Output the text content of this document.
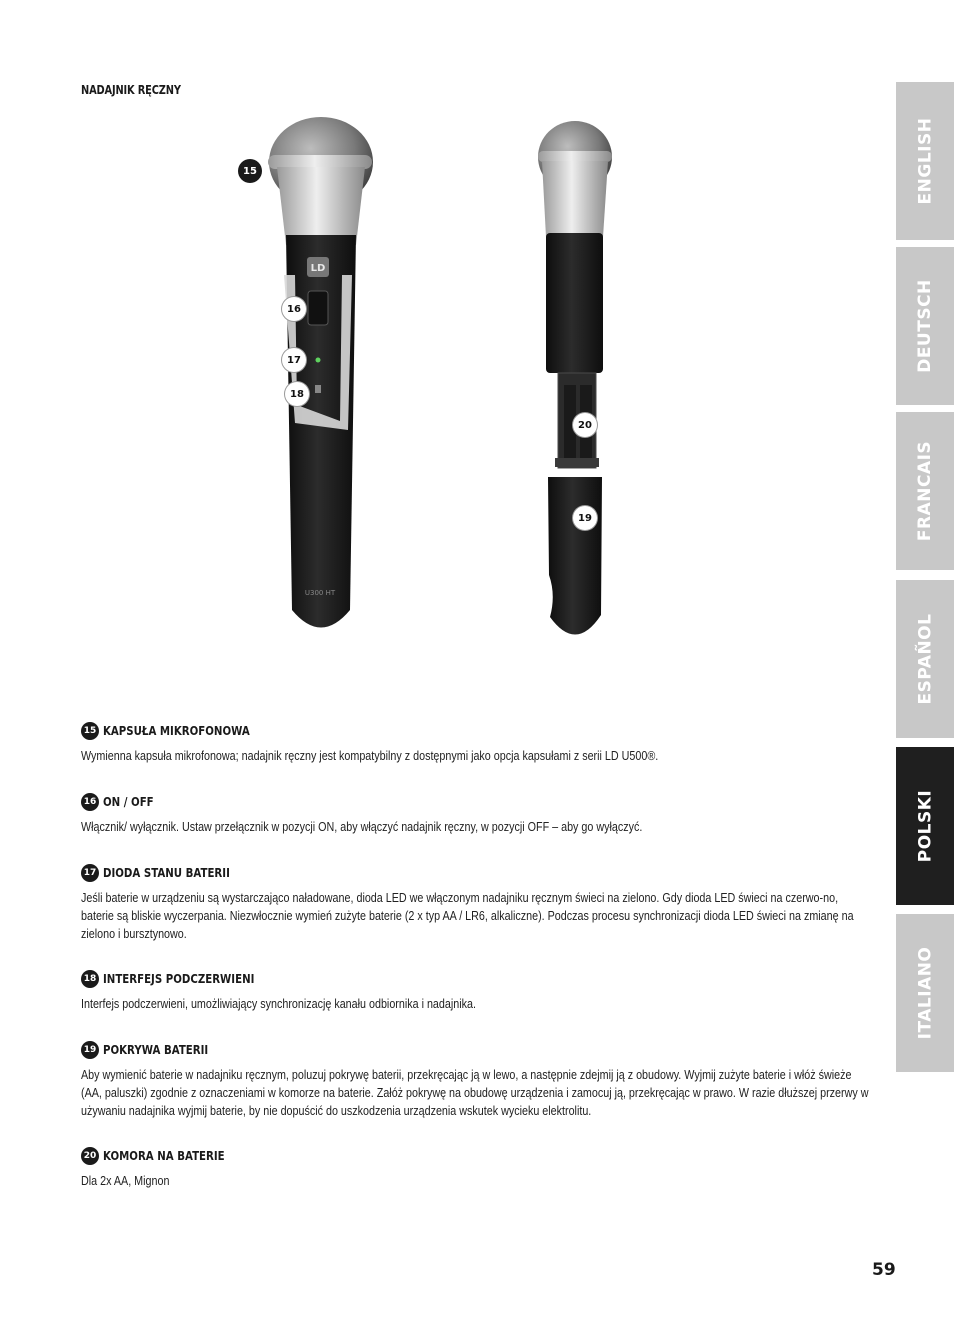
NADAJNIK RĘCZNY
ENGLISH
DEUTSCH
FRANCAIS
ESPAÑOL
POLSKI
ITALIANO
LD
U300 HT
15
16
17
18
20
19
15 KAPSUŁA MIKROFONOWA

Wymienna kapsuła mikrofonowa; nadajnik ręczny jest kompatybilny z dostępnymi jako opcja kapsułami z serii LD U500®.

16 ON / OFF

Włącznik/ wyłącznik. Ustaw przełącznik w pozycji ON, aby włączyć nadajnik ręczny, w pozycji OFF – aby go wyłączyć.

17 DIODA STANU BATERII

Jeśli baterie w urządzeniu są wystarczająco naładowane, dioda LED we włączonym nadajniku ręcznym świeci na zielono. Gdy dioda LED świeci na czerwo-no, baterie są bliskie wyczerpania. Niezwłocznie wymień zużyte baterie (2 x typ AA / LR6, alkaliczne). Podczas procesu synchronizacji dioda LED świeci na zmianę na zielono i bursztynowo.

18 INTERFEJS PODCZERWIENI

Interfejs podczerwieni, umożliwiający synchronizację kanału odbiornika i nadajnika.

19 POKRYWA BATERII

Aby wymienić baterie w nadajniku ręcznym, poluzuj pokrywę baterii, przekręcając ją w lewo, a następnie zdejmij ją z obudowy. Wyjmij zużyte baterie i włóż świeże (AA, paluszki) zgodnie z oznaczeniami w komorze na baterie. Załóż pokrywę na obudowę urządzenia i zamocuj ją, przekręcając w prawo. W razie dłuższej przerwy w używaniu nadajnika wyjmij baterie, by nie dopuścić do uszkodzenia urządzenia wskutek wycieku elektrolitu.

20 KOMORA NA BATERIE

Dla 2x AA, Mignon

59
